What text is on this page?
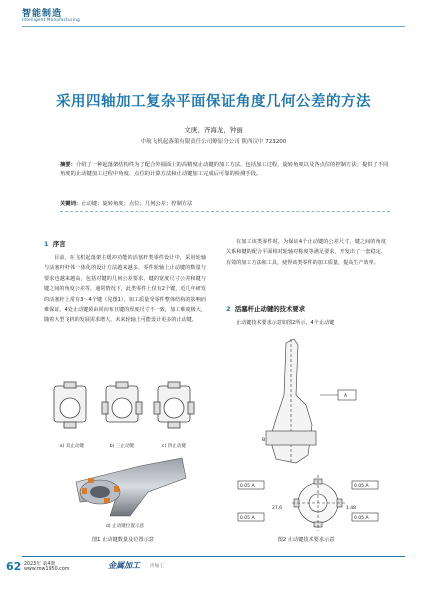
智能制造
Intelligent Manufacturing
采用四轴加工复杂平面保证角度几何公差的方法
文庚，齐海龙，钟丽
中航飞机起落架有限责任公司燎原分公司 陕西汉中 723200
摘要：介绍了一种起落架结构件为了配合外圆面上的高精度止动键的加工方法，包括加工过程、旋转角度以及各点位的控制方法；提供了不同角度的止动键加工过程中角度、点位的计算方法和止动键加工完成后可靠的检测手段。
关键词：止动键；旋转角度；点位；几何公差；控制方法
1 序言
目前，在飞机起落架主缓冲功能的活塞杆类零件设计中，采用轮轴与活塞杆杆体一体化的设计方法越来越多，零件轮轴上止动键的数量与要求也越来越高，包括对键的几何公差要求、键的宽度尺寸公差和键与键之间的角度公差等。通常情况下，此类零件上仅有2个键，近几年研发的活塞杆上常有3～4个键（见图1），加工质量受零件整体结构的影响而难保证。4处止动键须由同向布且键的厚度尺寸不一致，加工难度极大，随着大型飞机的发展需求增大，未来轮轴上可能设计更多的止动键。
在加工该类零件时，为保证4个止动键的公差尺寸、键之间的角度关系和键的配合平面相对轮轴对称度等满足要求，开发出了一套稳定、有效的加工方法和工具，使得该类零件的加工质量，提高生产效率。
2 活塞杆止动键的技术要求
止动键技术要求示意如图2所示，4个止动键
a) 双止动键	b) 三止动键	c) 四止动键
d) 止动键位置示意
图1 止动键数量及位置示意
0.05 A	0.05 A
0.05 A	0.05 A
27.6	1.48
A
B
图2 止动键技术要求示意
62 2023年 第4期
www.mw1950.com	金属加工 冷加工
